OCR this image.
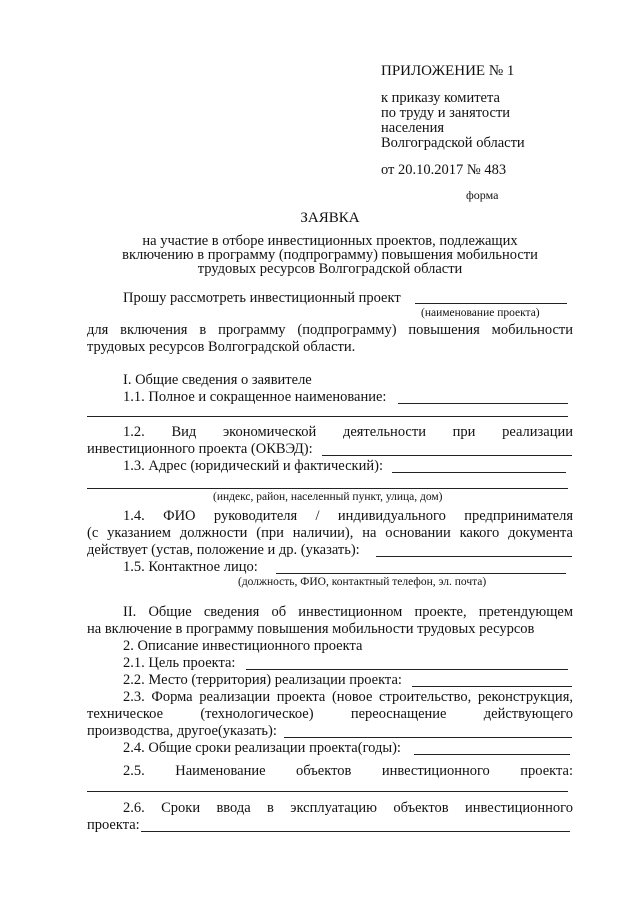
ПРИЛОЖЕНИЕ № 1
к приказу комитета
по труду и занятости
населения
Волгоградской области
от 20.10.2017 № 483
форма
ЗАЯВКА
на участие в отборе инвестиционных проектов, подлежащих
включению в программу (подпрограмму) повышения мобильности
трудовых ресурсов Волгоградской области
Прошу рассмотреть инвестиционный проект
(наименование проекта)
для включения в программу (подпрограмму) повышения мобильности
трудовых ресурсов Волгоградской области.
I. Общие сведения о заявителе
1.1. Полное и сокращенное наименование:
1.2. Вид экономической деятельности при реализации
инвестиционного проекта (ОКВЭД):
1.3. Адрес (юридический и фактический):
(индекс, район, населенный пункт, улица, дом)
1.4. ФИО руководителя / индивидуального предпринимателя
(с указанием должности (при наличии), на основании какого документа
действует (устав, положение и др. (указать):
1.5. Контактное лицо:
(должность, ФИО, контактный телефон, эл. почта)
II. Общие сведения об инвестиционном проекте, претендующем
на включение в программу повышения мобильности трудовых ресурсов
2. Описание инвестиционного проекта
2.1. Цель проекта:
2.2. Место (территория) реализации проекта:
2.3. Форма реализации проекта (новое строительство, реконструкция,
техническое (технологическое) переоснащение действующего
производства, другое(указать):
2.4. Общие сроки реализации проекта(годы):
2.5. Наименование объектов инвестиционного проекта:
2.6. Сроки ввода в эксплуатацию объектов инвестиционного
проекта:
